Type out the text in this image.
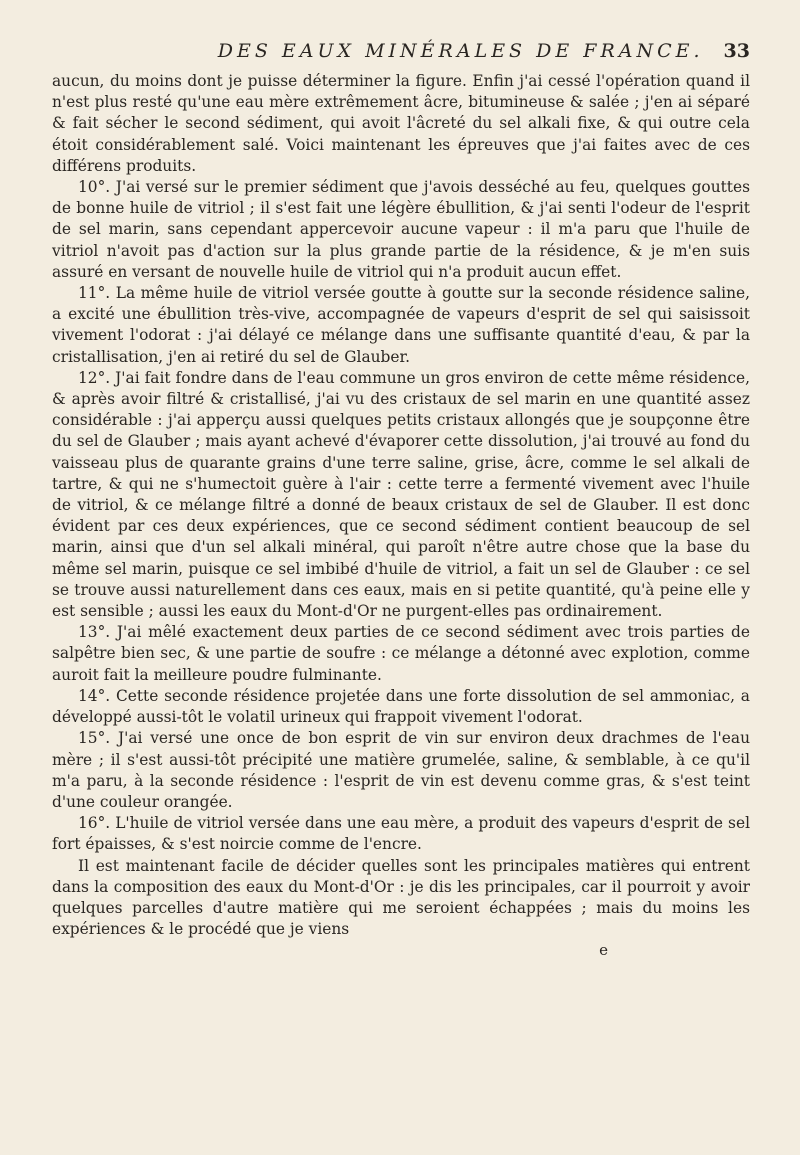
DES EAUX MINÉRALES DE FRANCE. 33

aucun, du moins dont je puisse déterminer la figure. Enfin j'ai cessé l'opération quand il n'est plus resté qu'une eau mère extrêmement âcre, bitumineuse & salée ; j'en ai séparé & fait sécher le second sédiment, qui avoit l'âcreté du sel alkali fixe, & qui outre cela étoit considérablement salé. Voici maintenant les épreuves que j'ai faites avec de ces différens produits.

10°. J'ai versé sur le premier sédiment que j'avois desséché au feu, quelques gouttes de bonne huile de vitriol ; il s'est fait une légère ébullition, & j'ai senti l'odeur de l'esprit de sel marin, sans cependant appercevoir aucune vapeur : il m'a paru que l'huile de vitriol n'avoit pas d'action sur la plus grande partie de la résidence, & je m'en suis assuré en versant de nouvelle huile de vitriol qui n'a produit aucun effet.

11°. La même huile de vitriol versée goutte à goutte sur la seconde résidence saline, a excité une ébullition très-vive, accompagnée de vapeurs d'esprit de sel qui saisissoit vivement l'odorat : j'ai délayé ce mélange dans une suffisante quantité d'eau, & par la cristallisation, j'en ai retiré du sel de Glauber.

12°. J'ai fait fondre dans de l'eau commune un gros environ de cette même résidence, & après avoir filtré & cristallisé, j'ai vu des cristaux de sel marin en une quantité assez considérable : j'ai apperçu aussi quelques petits cristaux allongés que je soupçonne être du sel de Glauber ; mais ayant achevé d'évaporer cette dissolution, j'ai trouvé au fond du vaisseau plus de quarante grains d'une terre saline, grise, âcre, comme le sel alkali de tartre, & qui ne s'humectoit guère à l'air : cette terre a fermenté vivement avec l'huile de vitriol, & ce mélange filtré a donné de beaux cristaux de sel de Glauber. Il est donc évident par ces deux expériences, que ce second sédiment contient beaucoup de sel marin, ainsi que d'un sel alkali minéral, qui paroît n'être autre chose que la base du même sel marin, puisque ce sel imbibé d'huile de vitriol, a fait un sel de Glauber : ce sel se trouve aussi naturellement dans ces eaux, mais en si petite quantité, qu'à peine elle y est sensible ; aussi les eaux du Mont-d'Or ne purgent-elles pas ordinairement.

13°. J'ai mêlé exactement deux parties de ce second sédiment avec trois parties de salpêtre bien sec, & une partie de soufre : ce mélange a détonné avec explotion, comme auroit fait la meilleure poudre fulminante.

14°. Cette seconde résidence projetée dans une forte dissolution de sel ammoniac, a développé aussi-tôt le volatil urineux qui frappoit vivement l'odorat.

15°. J'ai versé une once de bon esprit de vin sur environ deux drachmes de l'eau mère ; il s'est aussi-tôt précipité une matière grumelée, saline, & semblable, à ce qu'il m'a paru, à la seconde résidence : l'esprit de vin est devenu comme gras, & s'est teint d'une couleur orangée.

16°. L'huile de vitriol versée dans une eau mère, a produit des vapeurs d'esprit de sel fort épaisses, & s'est noircie comme de l'encre.

Il est maintenant facile de décider quelles sont les principales matières qui entrent dans la composition des eaux du Mont-d'Or : je dis les principales, car il pourroit y avoir quelques parcelles d'autre matière qui me seroient échappées ; mais du moins les expériences & le procédé que je viens

e
